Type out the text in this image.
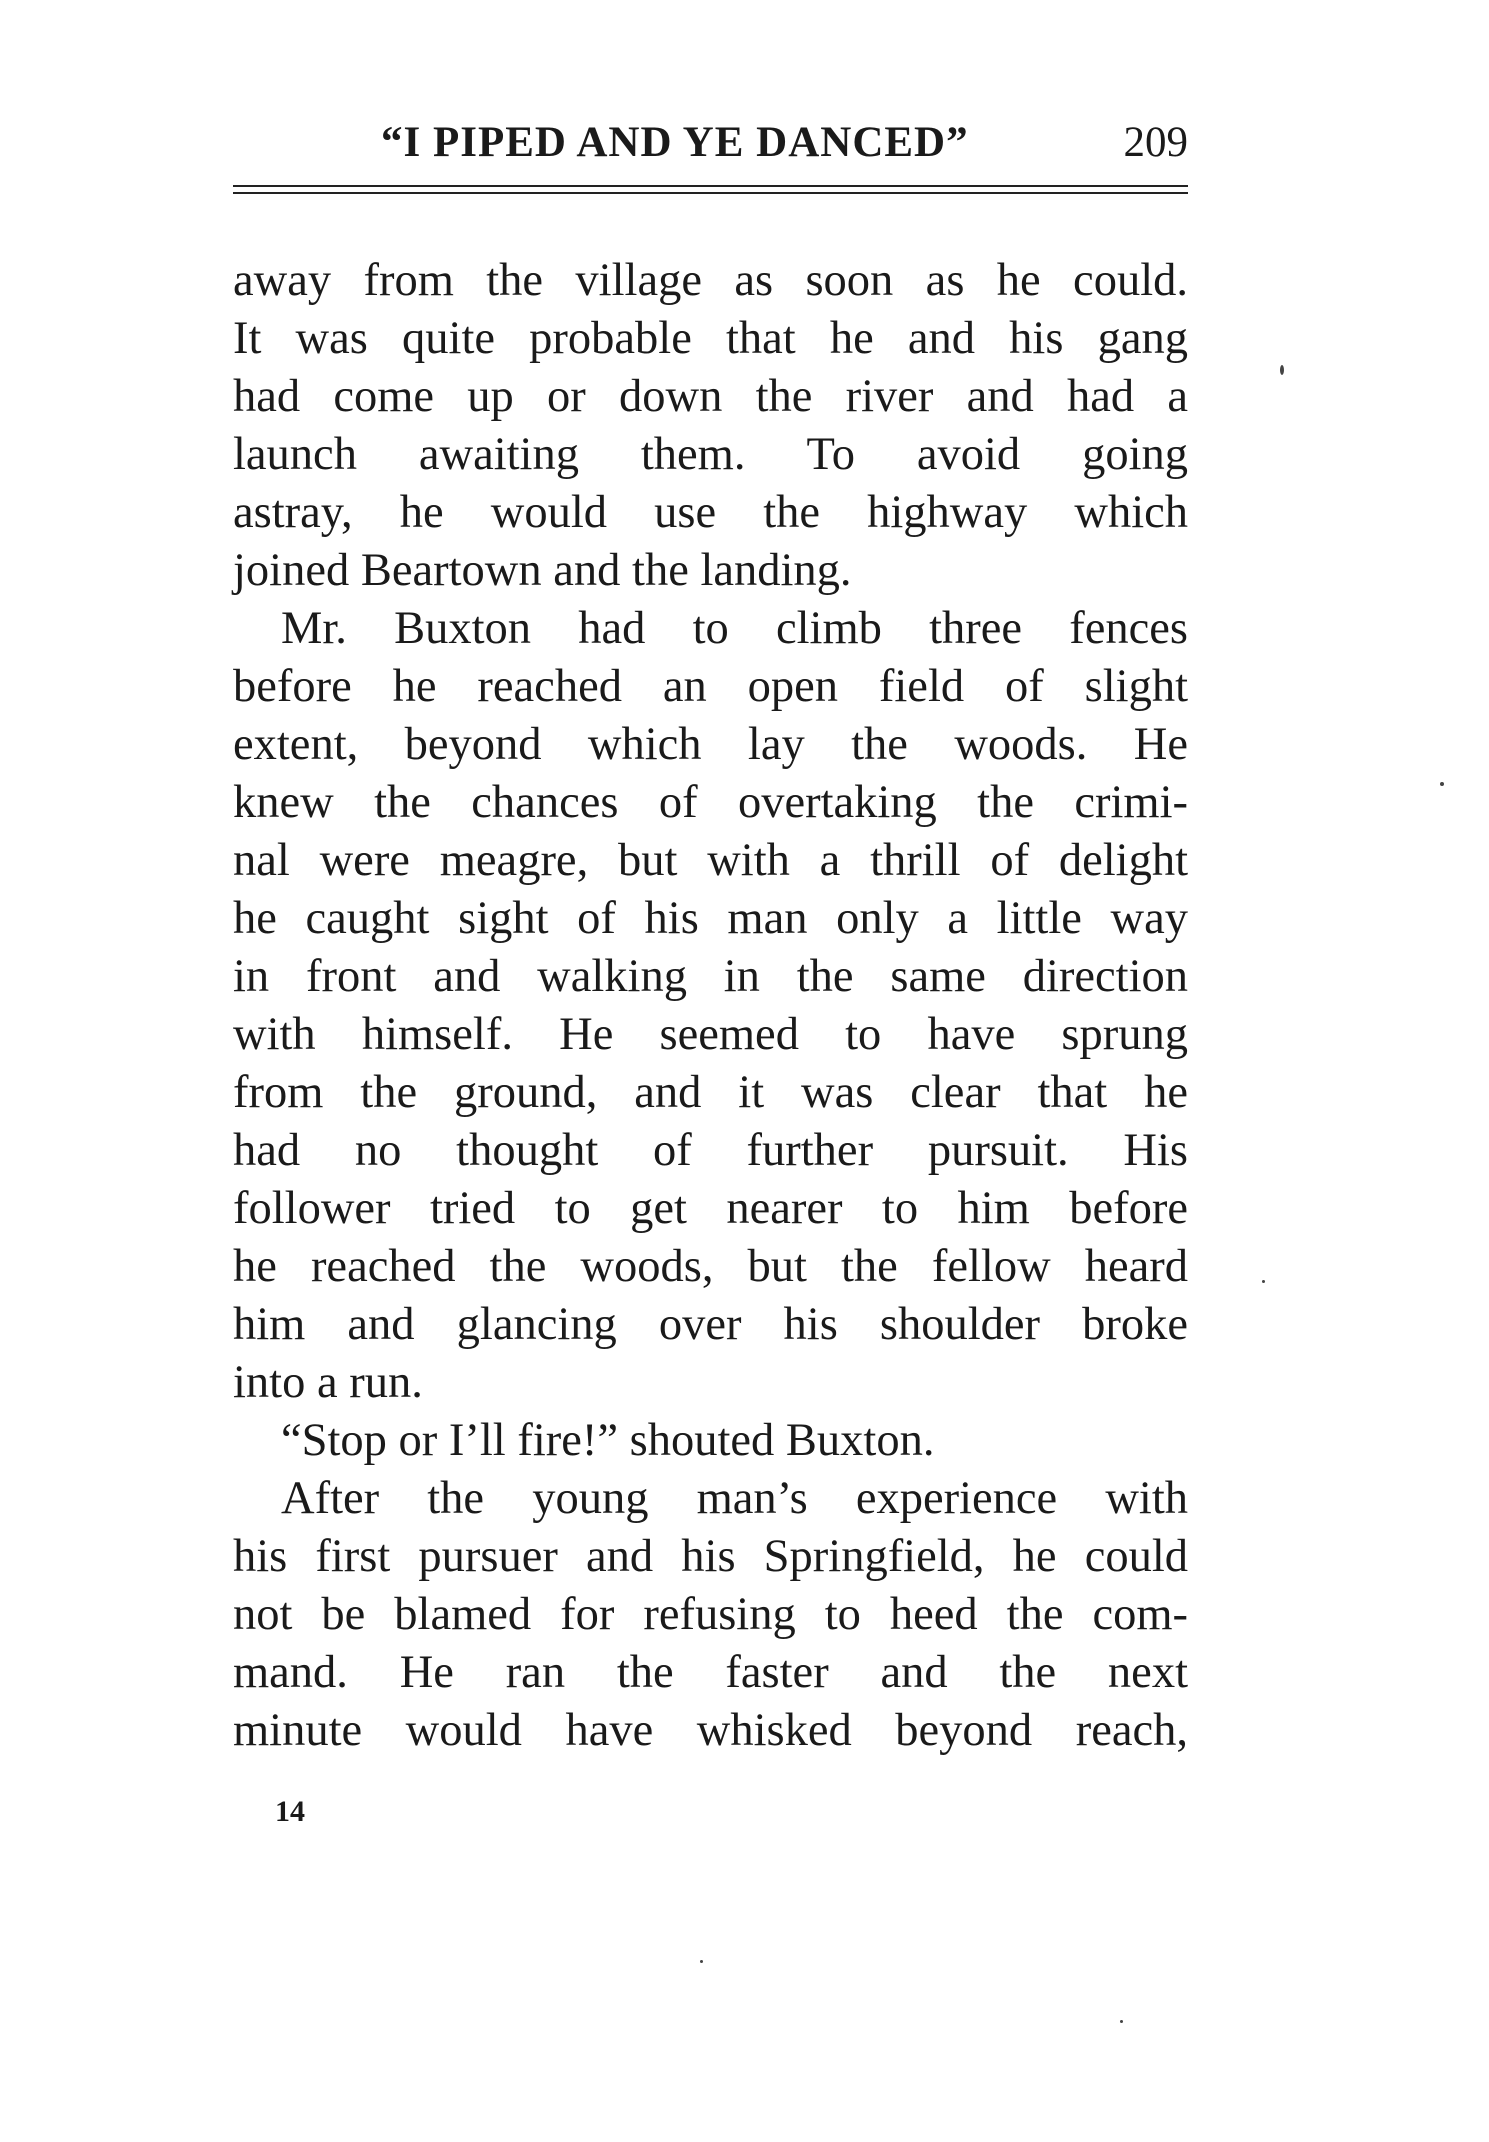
“I PIPED AND YE DANCED”	209
away from the village as soon as he could.
It was quite probable that he and his gang
had come up or down the river and had a
launch awaiting them. To avoid going
astray, he would use the highway which
joined Beartown and the landing.
Mr. Buxton had to climb three fences
before he reached an open field of slight
extent, beyond which lay the woods. He
knew the chances of overtaking the crimi-
nal were meagre, but with a thrill of delight
he caught sight of his man only a little way
in front and walking in the same direction
with himself. He seemed to have sprung
from the ground, and it was clear that he
had no thought of further pursuit. His
follower tried to get nearer to him before
he reached the woods, but the fellow heard
him and glancing over his shoulder broke
into a run.
“Stop or I’ll fire!” shouted Buxton.
After the young man’s experience with
his first pursuer and his Springfield, he could
not be blamed for refusing to heed the com-
mand. He ran the faster and the next
minute would have whisked beyond reach,
14
